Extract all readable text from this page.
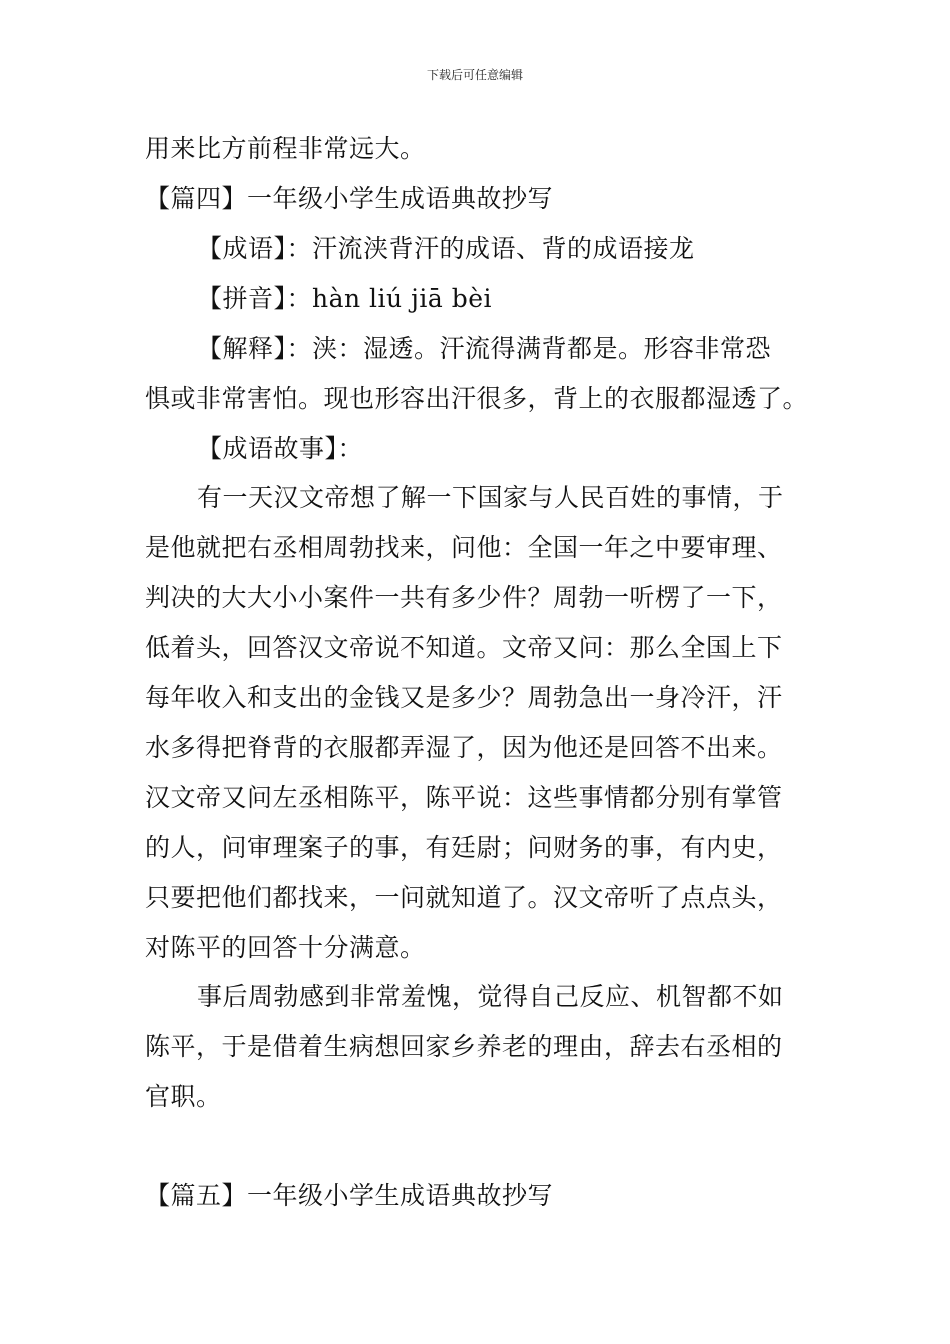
下载后可任意编辑
用来比方前程非常远大。
【篇四】一年级小学生成语典故抄写
【成语】：汗流浃背汗的成语、背的成语接龙
【拼音】：hàn liú jiā bèi
【解释】：浃：湿透。汗流得满背都是。形容非常恐
惧或非常害怕。现也形容出汗很多，背上的衣服都湿透了。
【成语故事】：
有一天汉文帝想了解一下国家与人民百姓的事情，于
是他就把右丞相周勃找来，问他：全国一年之中要审理、
判决的大大小小案件一共有多少件？周勃一听楞了一下，
低着头，回答汉文帝说不知道。文帝又问：那么全国上下
每年收入和支出的金钱又是多少？周勃急出一身冷汗，汗
水多得把脊背的衣服都弄湿了，因为他还是回答不出来。
汉文帝又问左丞相陈平，陈平说：这些事情都分别有掌管
的人，问审理案子的事，有廷尉；问财务的事，有内史，
只要把他们都找来，一问就知道了。汉文帝听了点点头，
对陈平的回答十分满意。
事后周勃感到非常羞愧，觉得自己反应、机智都不如
陈平，于是借着生病想回家乡养老的理由，辞去右丞相的
官职。
【篇五】一年级小学生成语典故抄写
